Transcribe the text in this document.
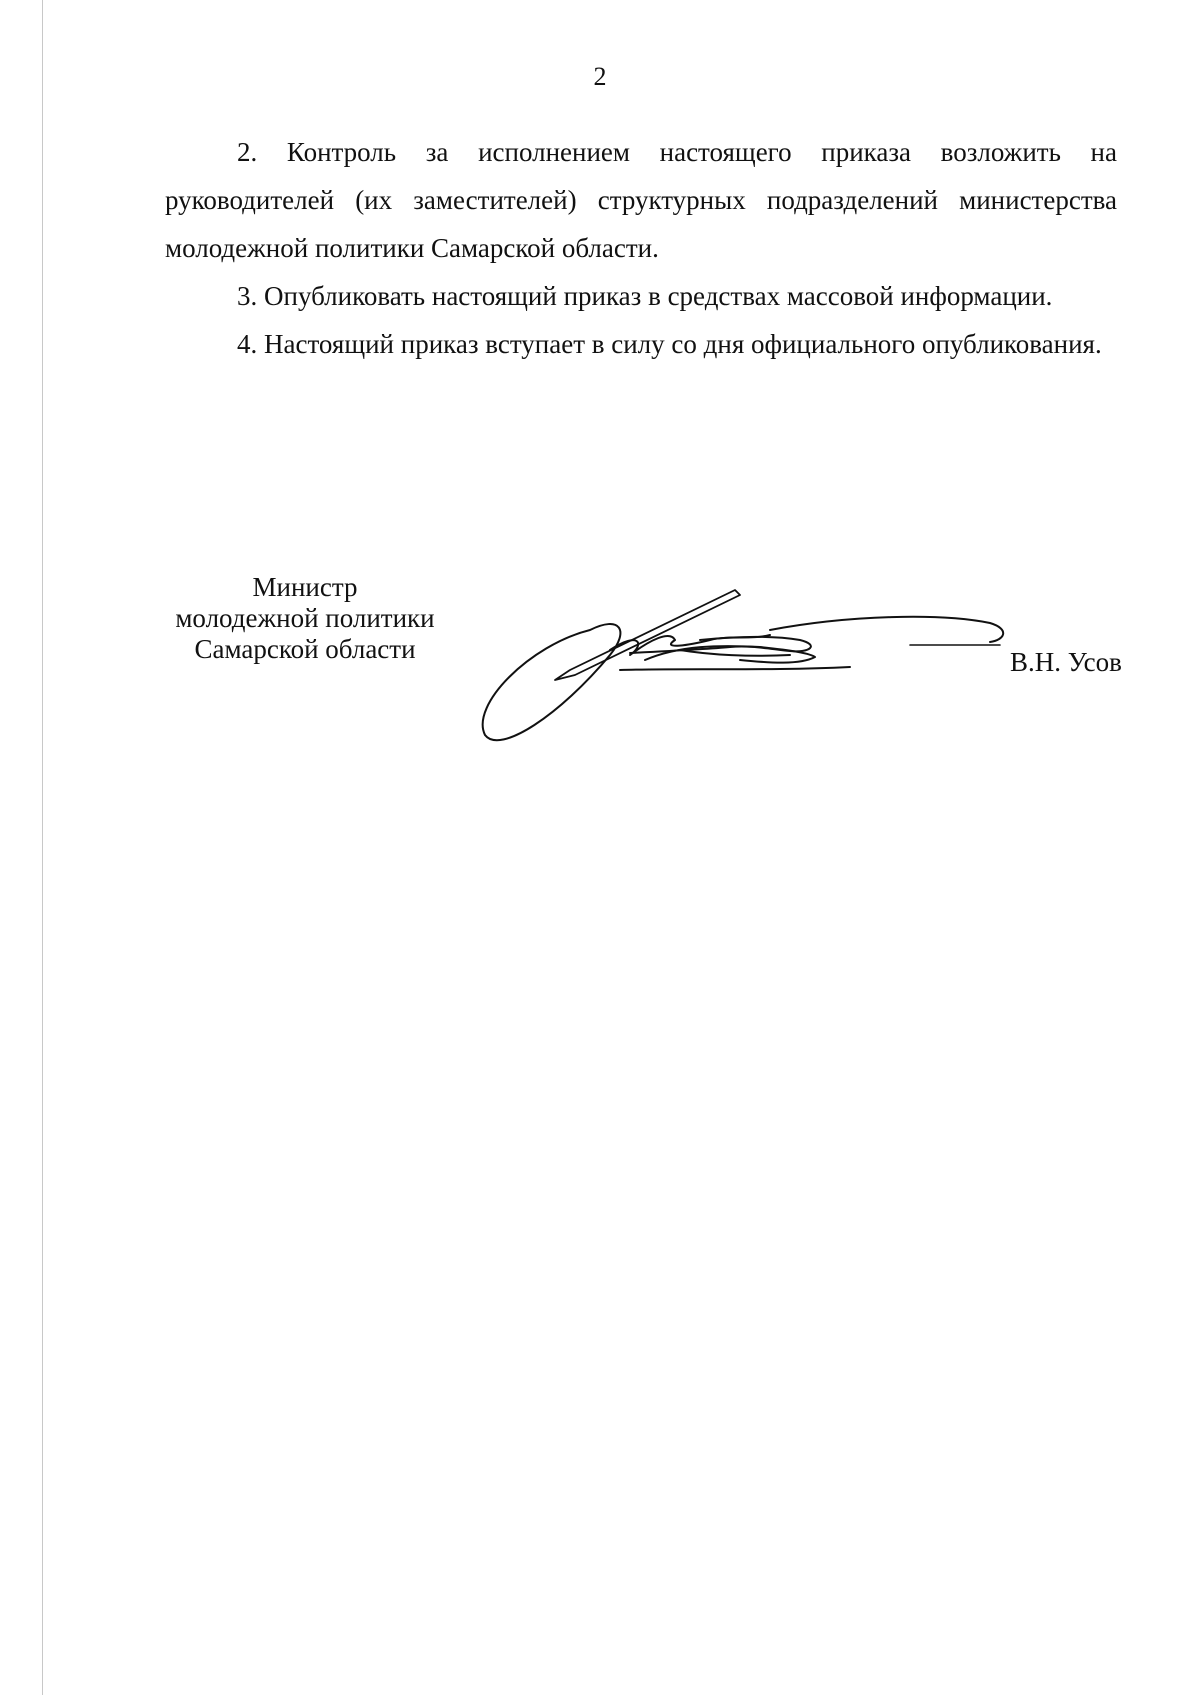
2

2. Контроль за исполнением настоящего приказа возложить на руководителей (их заместителей) структурных подразделений министерства молодежной политики Самарской области.

3. Опубликовать настоящий приказ в средствах массовой информации.

4. Настоящий приказ вступает в силу со дня официального опубликования.

Министр
молодежной политики
Самарской области	В.Н. Усов
